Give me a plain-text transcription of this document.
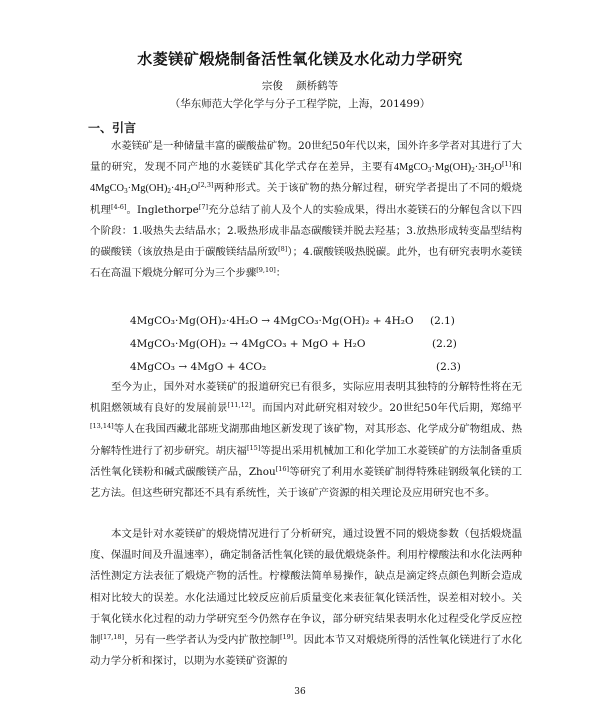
水菱镁矿煅烧制备活性氧化镁及水化动力学研究
宗俊 颜桥鹤等
（华东师范大学化学与分子工程学院，上海，201499）
一、引言

水菱镁矿是一种储量丰富的碳酸盐矿物。20世纪50年代以来，国外许多学者对其进行了大量的研究，发现不同产地的水菱镁矿其化学式存在差异，主要有$4MgCO_3\cdot Mg(OH)_2\cdot 3H_2O[1]$和$4MgCO_3\cdot Mg(OH)_2\cdot 4H_2O[2,3]$两种形式。关于该矿物的热分解过程，研究学者提出了不同的煅烧机理[4-6]。Inglethorpe[7]充分总结了前人及个人的实验成果，得出水菱镁石的分解包含以下四个阶段：1.吸热失去结晶水；2.吸热形成非晶态碳酸镁并脱去羟基；3.放热形成转变晶型结构的碳酸镁（该放热是由于碳酸镁结晶所致[8]）；4.碳酸镁吸热脱碳。此外，也有研究表明水菱镁石在高温下煅烧分解可分为三个步骤[9,10]：

4MgCO₃·Mg(OH)₂·4H₂O → 4MgCO₃·Mg(OH)₂ + 4H₂O (2.1)
4MgCO₃·Mg(OH)₂ → 4MgCO₃ + MgO + H₂O	(2.2)
4MgCO₃ → 4MgO + 4CO₂	(2.3)

至今为止，国外对水菱镁矿的报道研究已有很多，实际应用表明其独特的分解特性将在无机阻燃领域有良好的发展前景[11,12]。而国内对此研究相对较少。20世纪50年代后期，郑绵平[13,14]等人在我国西藏北部班戈湖那曲地区新发现了该矿物，对其形态、化学成分矿物组成、热分解特性进行了初步研究。胡庆福[15]等提出采用机械加工和化学加工水菱镁矿的方法制备重质活性氧化镁粉和碱式碳酸镁产品，Zhou[16]等研究了利用水菱镁矿制得特殊硅钢级氧化镁的工艺方法。但这些研究都还不具有系统性，关于该矿产资源的相关理论及应用研究也不多。

本文是针对水菱镁矿的煅烧情况进行了分析研究，通过设置不同的煅烧参数（包括煅烧温度、保温时间及升温速率），确定制备活性氧化镁的最优煅烧条件。利用柠檬酸法和水化法两种活性测定方法表征了煅烧产物的活性。柠檬酸法简单易操作，缺点是滴定终点颜色判断会造成相对比较大的误差。水化法通过比较反应前后质量变化来表征氧化镁活性，误差相对较小。关于氧化镁水化过程的动力学研究至今仍然存在争议，部分研究结果表明水化过程受化学反应控制[17,18]，另有一些学者认为受内扩散控制[19]。因此本节又对煅烧所得的活性氧化镁进行了水化动力学分析和探讨，以期为水菱镁矿资源的

36
